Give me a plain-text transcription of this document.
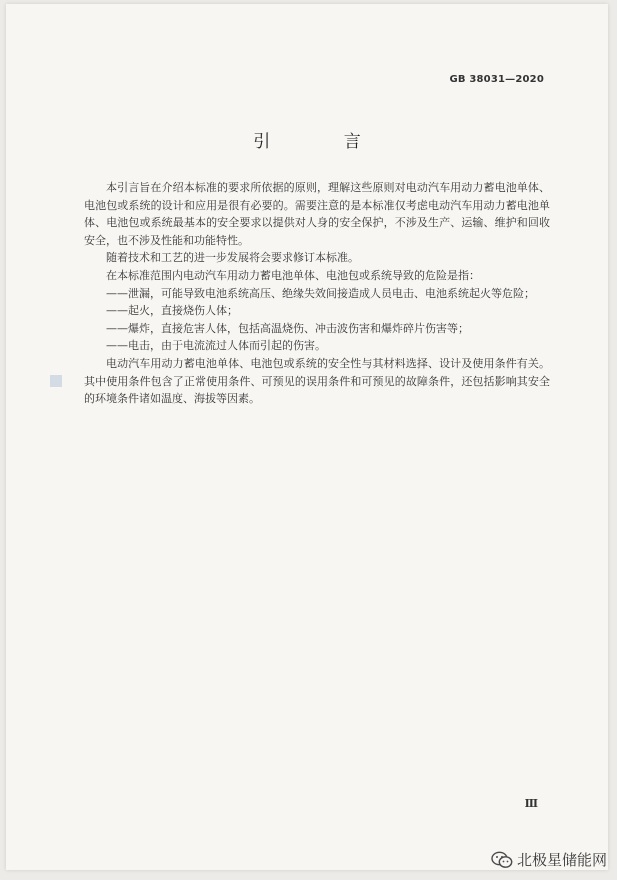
GB 38031—2020
引 言

本引言旨在介绍本标准的要求所依据的原则，理解这些原则对电动汽车用动力蓄电池单体、电池包或系统的设计和应用是很有必要的。需要注意的是本标准仅考虑电动汽车用动力蓄电池单体、电池包或系统最基本的安全要求以提供对人身的安全保护，不涉及生产、运输、维护和回收安全，也不涉及性能和功能特性。

随着技术和工艺的进一步发展将会要求修订本标准。

在本标准范围内电动汽车用动力蓄电池单体、电池包或系统导致的危险是指：

——泄漏，可能导致电池系统高压、绝缘失效间接造成人员电击、电池系统起火等危险；

——起火，直接烧伤人体；

——爆炸，直接危害人体，包括高温烧伤、冲击波伤害和爆炸碎片伤害等；

——电击，由于电流流过人体而引起的伤害。

电动汽车用动力蓄电池单体、电池包或系统的安全性与其材料选择、设计及使用条件有关。其中使用条件包含了正常使用条件、可预见的误用条件和可预见的故障条件，还包括影响其安全的环境条件诸如温度、海拔等因素。

Ⅲ
北极星储能网
